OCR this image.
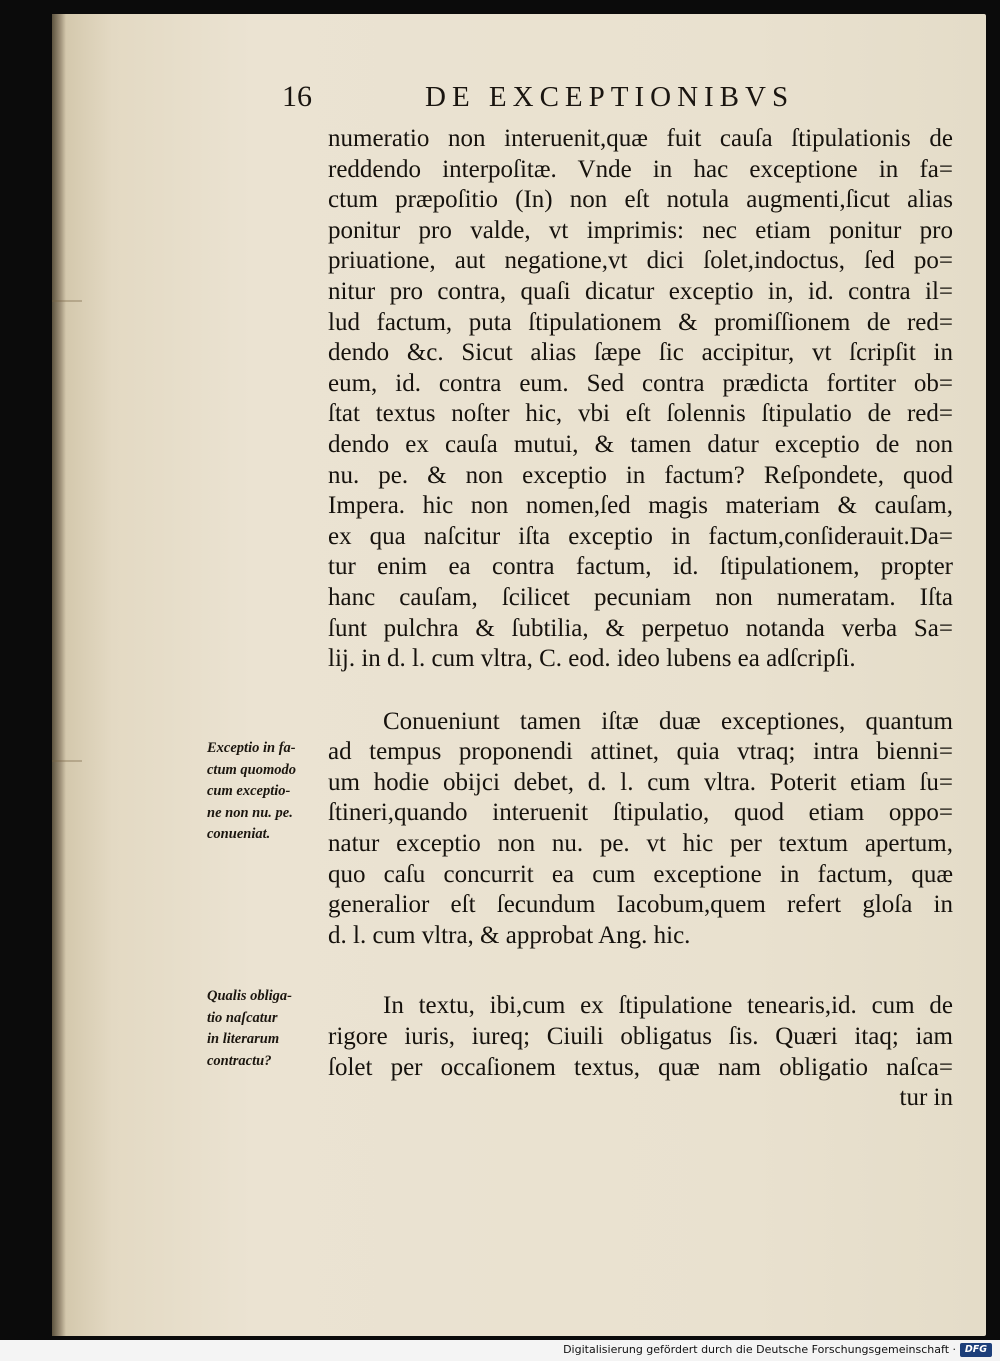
16	DE EXCEPTIONIBVS
numeratio non interuenit,quæ fuit cauſa ſtipulationis de
reddendo interpoſitæ. Vnde in hac exceptione in fa=
ctum præpoſitio (In) non eſt notula augmenti,ſicut alias
ponitur pro valde, vt imprimis: nec etiam ponitur pro
priuatione, aut negatione,vt dici ſolet,indoctus, ſed po=
nitur pro contra, quaſi dicatur exceptio in, id. contra il=
lud factum, puta ſtipulationem & promiſſionem de red=
dendo &c. Sicut alias ſæpe ſic accipitur, vt ſcripſit in
eum, id. contra eum. Sed contra prædicta fortiter ob=
ſtat textus noſter hic, vbi eſt ſolennis ſtipulatio de red=
dendo ex cauſa mutui, & tamen datur exceptio de non
nu. pe. & non exceptio in factum? Reſpondete, quod
Impera. hic non nomen,ſed magis materiam & cauſam,
ex qua naſcitur iſta exceptio in factum,conſiderauit.Da=
tur enim ea contra factum, id. ſtipulationem, propter
hanc cauſam, ſcilicet pecuniam non numeratam. Iſta
ſunt pulchra & ſubtilia, & perpetuo notanda verba Sa=
lij. in d. l. cum vltra, C. eod. ideo lubens ea adſcripſi.
Conueniunt tamen iſtæ duæ exceptiones, quantum
ad tempus proponendi attinet, quia vtraq; intra bienni=
um hodie obijci debet, d. l. cum vltra. Poterit etiam ſu=
ſtineri,quando interuenit ſtipulatio, quod etiam oppo=
natur exceptio non nu. pe. vt hic per textum apertum,
quo caſu concurrit ea cum exceptione in factum, quæ
generalior eſt ſecundum Iacobum,quem refert gloſa in
d. l. cum vltra, & approbat Ang. hic.
In textu, ibi,cum ex ſtipulatione tenearis,id. cum de
rigore iuris, iureq; Ciuili obligatus ſis. Quæri itaq; iam
ſolet per occaſionem textus, quæ nam obligatio naſca=
tur in
Exceptio in fa-
ctum quomodo
cum exceptio-
ne non nu. pe.
conueniat.
Qualis obliga-
tio naſcatur
in literarum
contractu?
Digitalisierung gefördert durch die Deutsche Forschungsgemeinschaft · DFG
